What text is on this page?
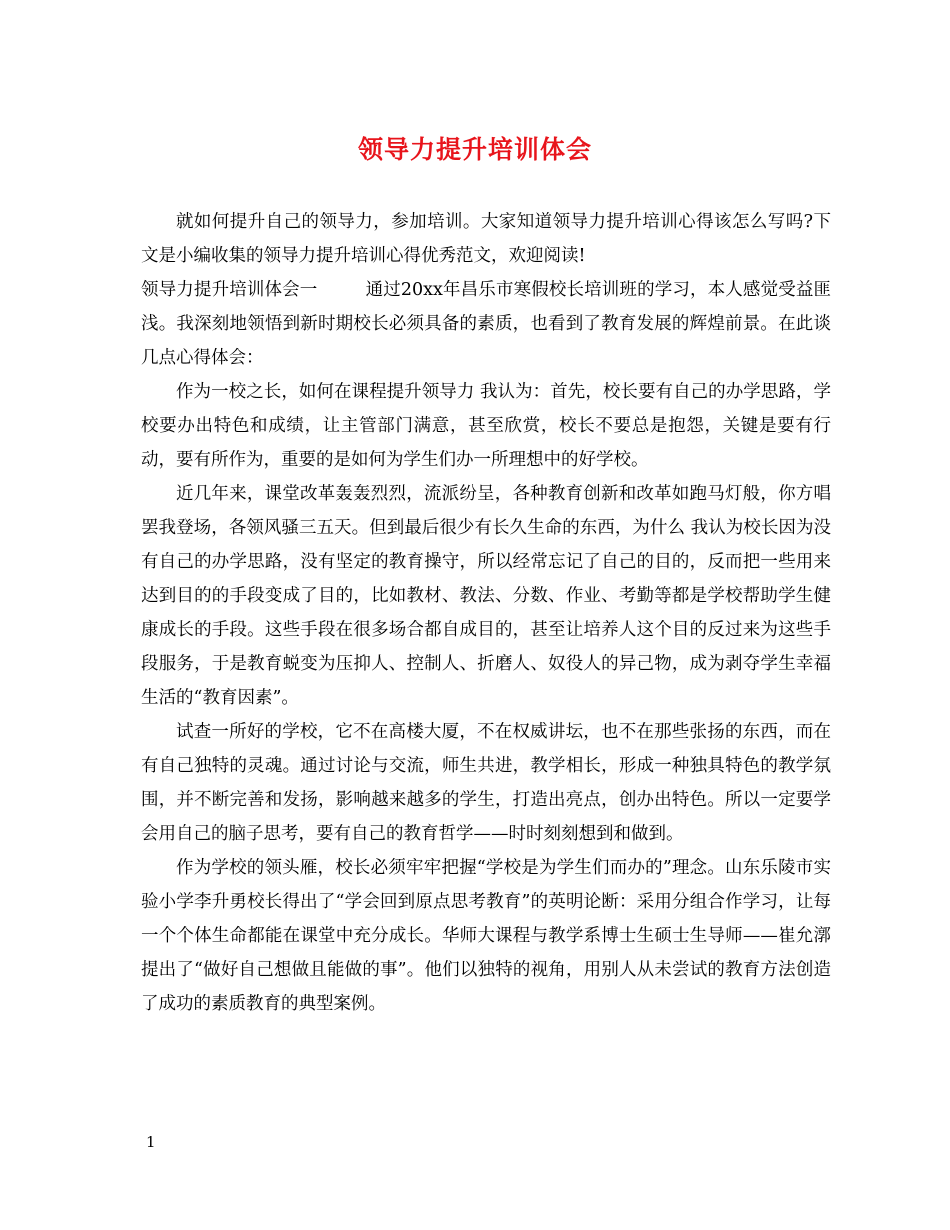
领导力提升培训体会

就如何提升自己的领导力，参加培训。大家知道领导力提升培训心得该怎么写吗?下文是小编收集的领导力提升培训心得优秀范文，欢迎阅读!

领导力提升培训体会一	通过20xx年昌乐市寒假校长培训班的学习，本人感觉受益匪浅。我深刻地领悟到新时期校长必须具备的素质，也看到了教育发展的辉煌前景。在此谈几点心得体会：

作为一校之长，如何在课程提升领导力 我认为：首先，校长要有自己的办学思路，学校要办出特色和成绩，让主管部门满意，甚至欣赏，校长不要总是抱怨，关键是要有行动，要有所作为，重要的是如何为学生们办一所理想中的好学校。

近几年来，课堂改革轰轰烈烈，流派纷呈，各种教育创新和改革如跑马灯般，你方唱罢我登场，各领风骚三五天。但到最后很少有长久生命的东西，为什么 我认为校长因为没有自己的办学思路，没有坚定的教育操守，所以经常忘记了自己的目的，反而把一些用来达到目的的手段变成了目的，比如教材、教法、分数、作业、考勤等都是学校帮助学生健康成长的手段。这些手段在很多场合都自成目的，甚至让培养人这个目的反过来为这些手段服务，于是教育蜕变为压抑人、控制人、折磨人、奴役人的异己物，成为剥夺学生幸福生活的“教育因素”。

试查一所好的学校，它不在高楼大厦，不在权威讲坛，也不在那些张扬的东西，而在有自己独特的灵魂。通过讨论与交流，师生共进，教学相长，形成一种独具特色的教学氛围，并不断完善和发扬，影响越来越多的学生，打造出亮点，创办出特色。所以一定要学会用自己的脑子思考，要有自己的教育哲学——时时刻刻想到和做到。

作为学校的领头雁，校长必须牢牢把握“学校是为学生们而办的”理念。山东乐陵市实验小学李升勇校长得出了“学会回到原点思考教育”的英明论断：采用分组合作学习，让每一个个体生命都能在课堂中充分成长。华师大课程与教学系博士生硕士生导师——崔允漷提出了“做好自己想做且能做的事”。他们以独特的视角，用别人从未尝试的教育方法创造了成功的素质教育的典型案例。

1
